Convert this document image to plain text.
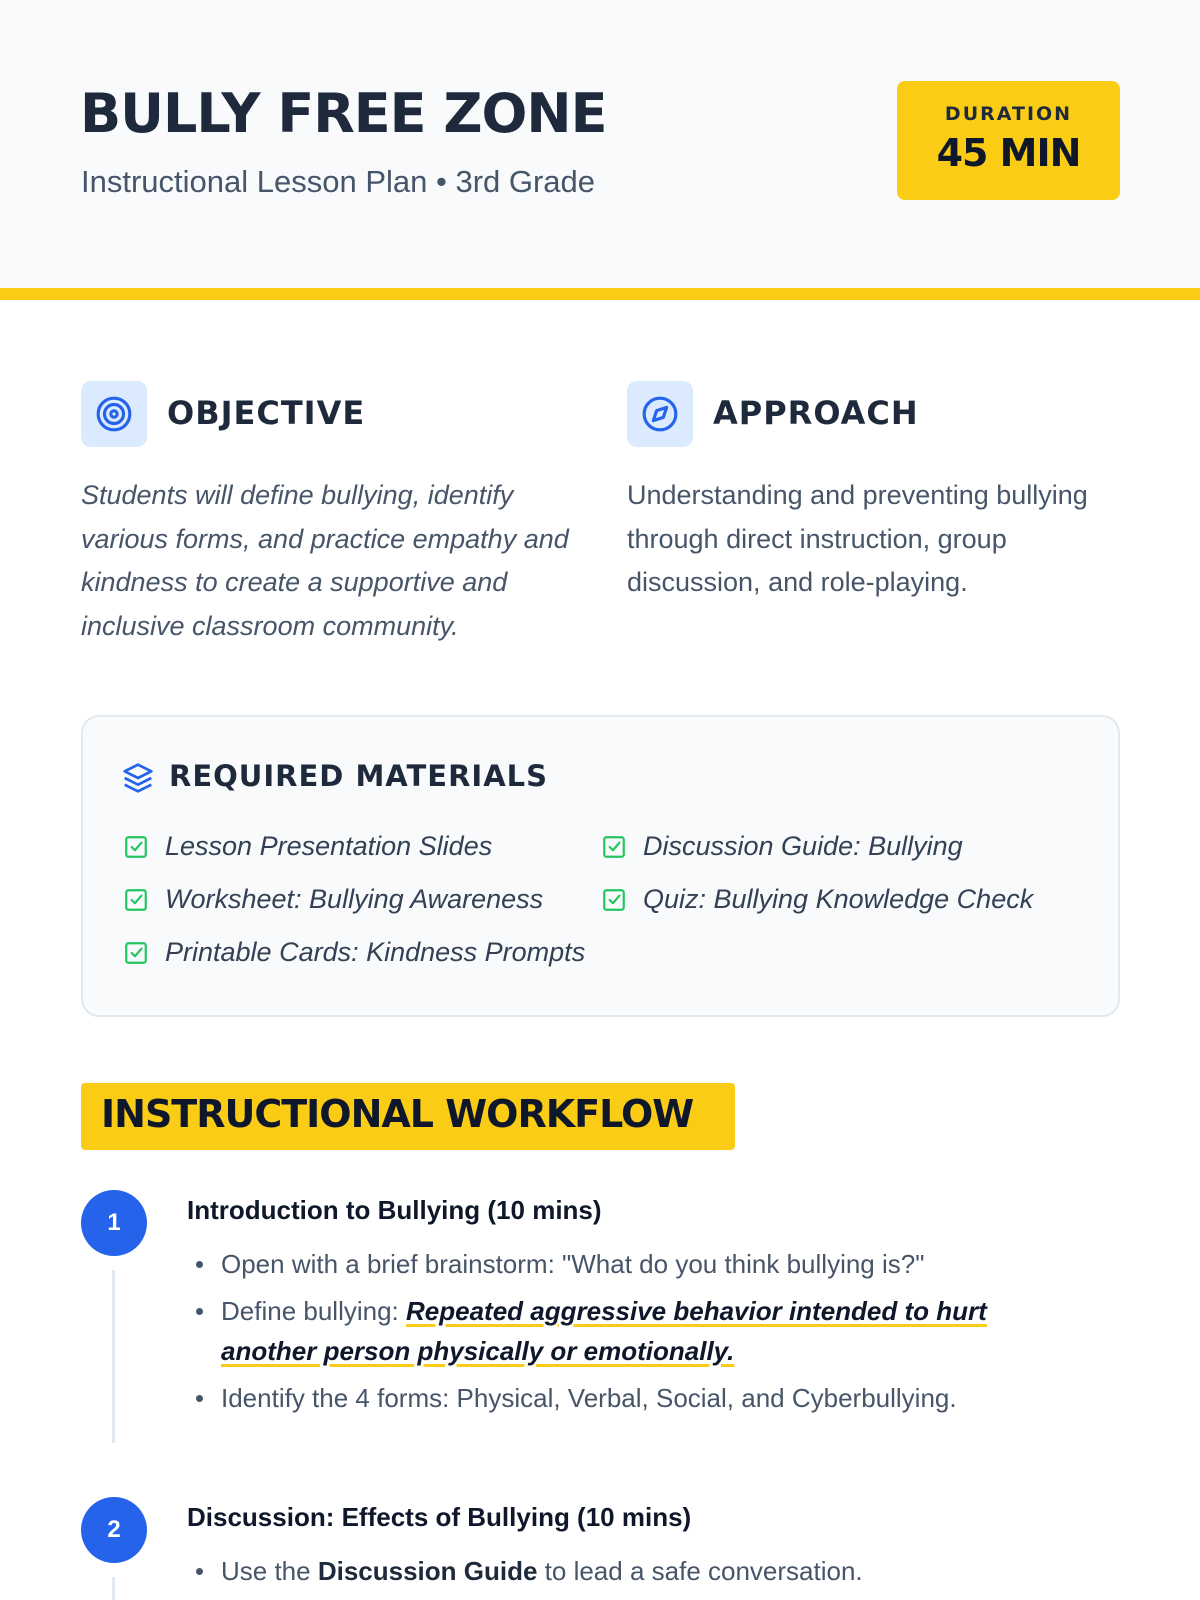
BULLY FREE ZONE
Instructional Lesson Plan • 3rd Grade
DURATION
45 MIN
OBJECTIVE

Students will define bullying, identify various forms, and practice empathy and kindness to create a supportive and inclusive classroom community.

APPROACH

Understanding and preventing bullying through direct instruction, group discussion, and role-playing.

REQUIRED MATERIALS
Lesson Presentation Slides	Discussion Guide: Bullying
Worksheet: Bullying Awareness	Quiz: Bullying Knowledge Check
Printable Cards: Kindness Prompts
INSTRUCTIONAL WORKFLOW
1	Introduction to Bullying (10 mins)
Open with a brief brainstorm: "What do you think bullying is?"
Define bullying: Repeated aggressive behavior intended to hurt another person physically or emotionally.
Identify the 4 forms: Physical, Verbal, Social, and Cyberbullying.
2	Discussion: Effects of Bullying (10 mins)
Use the Discussion Guide to lead a safe conversation.
